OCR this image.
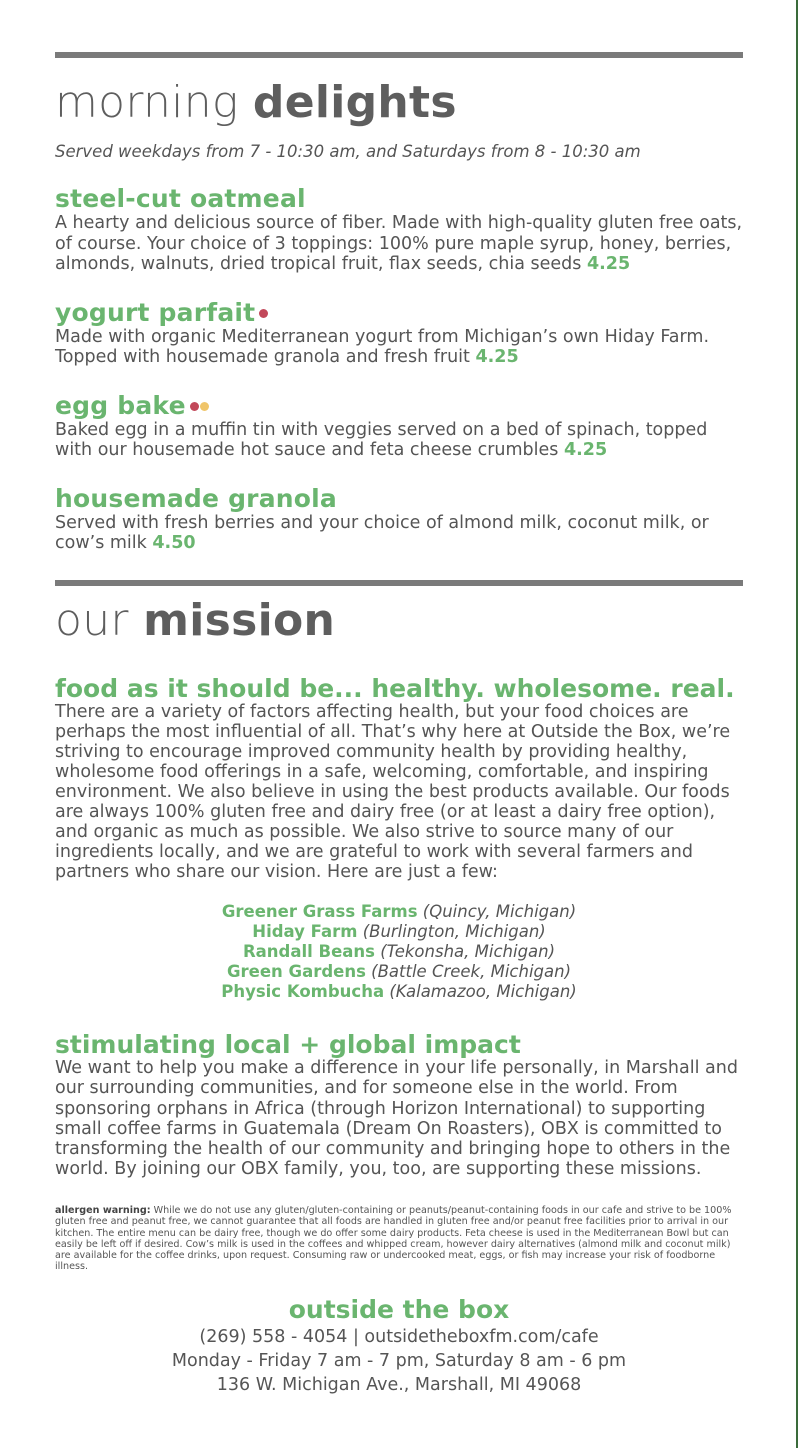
morning delights
Served weekdays from 7 - 10:30 am, and Saturdays from 8 - 10:30 am
steel-cut oatmeal
A hearty and delicious source of fiber. Made with high-quality gluten free oats, of course. Your choice of 3 toppings: 100% pure maple syrup, honey, berries, almonds, walnuts, dried tropical fruit, flax seeds, chia seeds 4.25
yogurt parfait
Made with organic Mediterranean yogurt from Michigan’s own Hiday Farm. Topped with housemade granola and fresh fruit 4.25
egg bake
Baked egg in a muffin tin with veggies served on a bed of spinach, topped with our housemade hot sauce and feta cheese crumbles 4.25
housemade granola
Served with fresh berries and your choice of almond milk, coconut milk, or cow’s milk 4.50
our mission
food as it should be... healthy. wholesome. real.
There are a variety of factors affecting health, but your food choices are perhaps the most influential of all. That’s why here at Outside the Box, we’re striving to encourage improved community health by providing healthy, wholesome food offerings in a safe, welcoming, comfortable, and inspiring environment. We also believe in using the best products available. Our foods are always 100% gluten free and dairy free (or at least a dairy free option), and organic as much as possible. We also strive to source many of our ingredients locally, and we are grateful to work with several farmers and partners who share our vision. Here are just a few:
Greener Grass Farms (Quincy, Michigan)
Hiday Farm (Burlington, Michigan)
Randall Beans (Tekonsha, Michigan)
Green Gardens (Battle Creek, Michigan)
Physic Kombucha (Kalamazoo, Michigan)
stimulating local + global impact
We want to help you make a difference in your life personally, in Marshall and our surrounding communities, and for someone else in the world. From sponsoring orphans in Africa (through Horizon International) to supporting small coffee farms in Guatemala (Dream On Roasters), OBX is committed to transforming the health of our community and bringing hope to others in the world. By joining our OBX family, you, too, are supporting these missions.
allergen warning: While we do not use any gluten/gluten-containing or peanuts/peanut-containing foods in our cafe and strive to be 100% gluten free and peanut free, we cannot guarantee that all foods are handled in gluten free and/or peanut free facilities prior to arrival in our kitchen. The entire menu can be dairy free, though we do offer some dairy products. Feta cheese is used in the Mediterranean Bowl but can easily be left off if desired. Cow’s milk is used in the coffees and whipped cream, however dairy alternatives (almond milk and coconut milk) are available for the coffee drinks, upon request. Consuming raw or undercooked meat, eggs, or fish may increase your risk of foodborne illness.
outside the box
(269) 558 - 4054 | outsidetheboxfm.com/cafe
Monday - Friday 7 am - 7 pm, Saturday 8 am - 6 pm
136 W. Michigan Ave., Marshall, MI 49068
